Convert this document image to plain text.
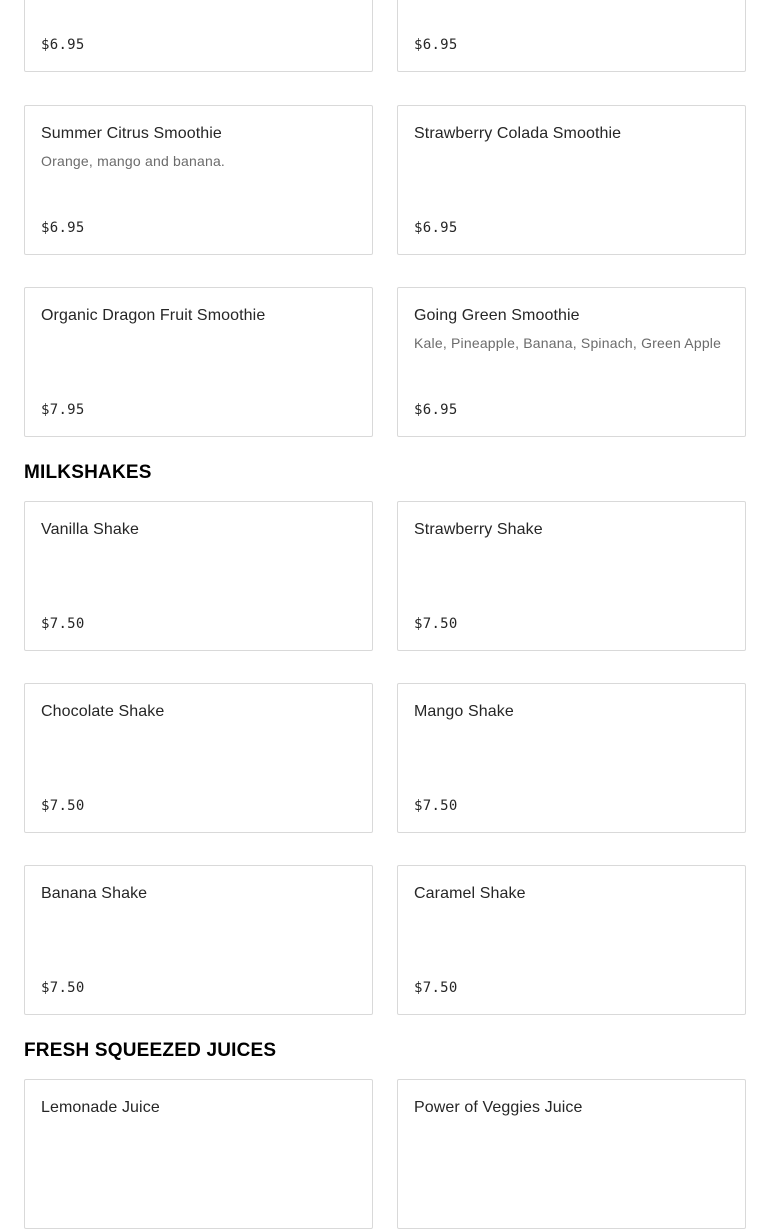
$6.95	$6.95
Summer Citrus Smoothie
Orange, mango and banana.
$6.95
Strawberry Colada Smoothie
$6.95
Organic Dragon Fruit Smoothie
$7.95
Going Green Smoothie
Kale, Pineapple, Banana, Spinach, Green Apple
$6.95
MILKSHAKES
Vanilla Shake
$7.50
Strawberry Shake
$7.50
Chocolate Shake
$7.50
Mango Shake
$7.50
Banana Shake
$7.50
Caramel Shake
$7.50
FRESH SQUEEZED JUICES
Lemonade Juice	Power of Veggies Juice
